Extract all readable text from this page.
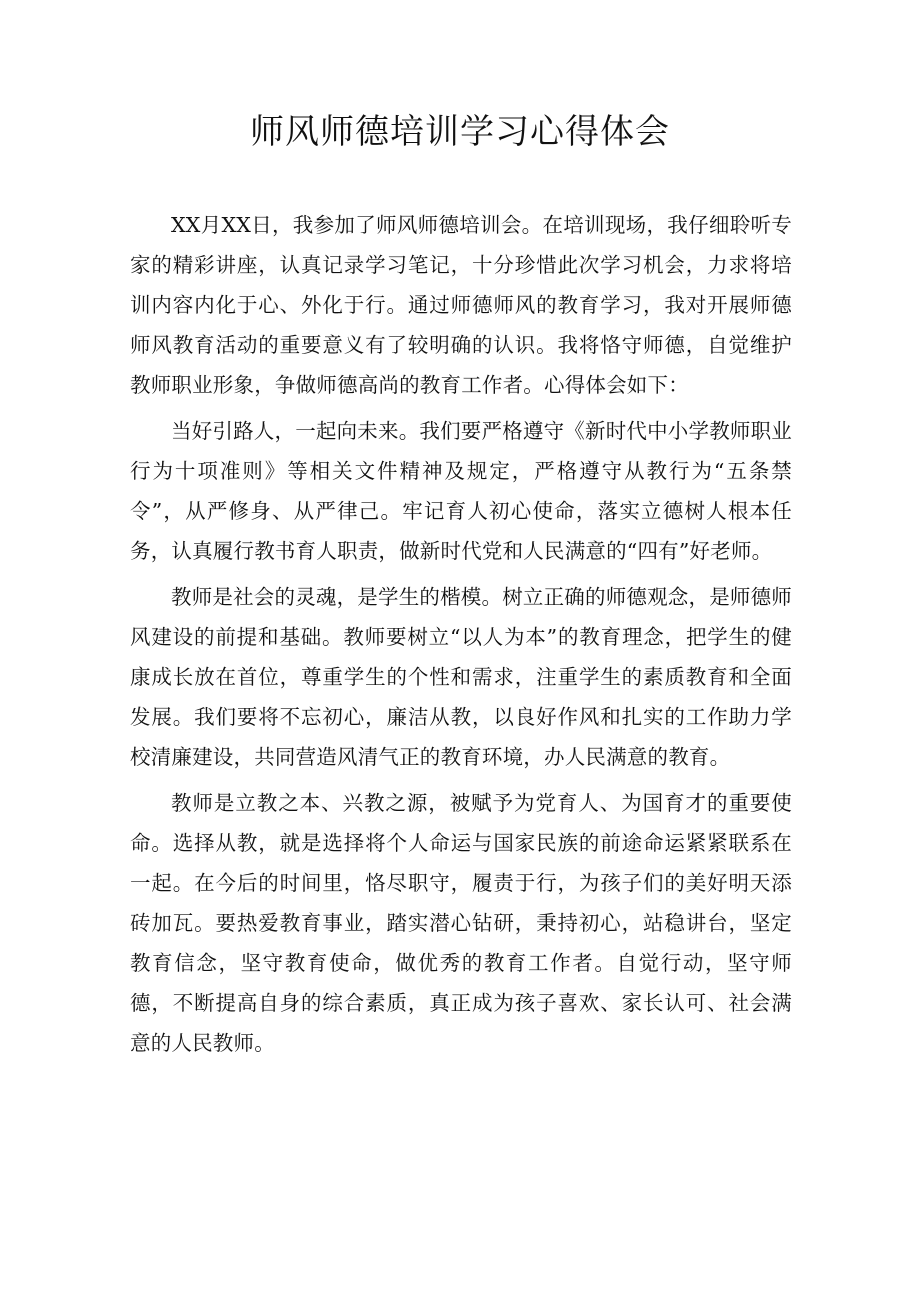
师风师德培训学习心得体会

XX月XX日，我参加了师风师德培训会。在培训现场，我仔细聆听专家的精彩讲座，认真记录学习笔记，十分珍惜此次学习机会，力求将培训内容内化于心、外化于行。通过师德师风的教育学习，我对开展师德师风教育活动的重要意义有了较明确的认识。我将恪守师德，自觉维护教师职业形象，争做师德高尚的教育工作者。心得体会如下：

当好引路人，一起向未来。我们要严格遵守《新时代中小学教师职业行为十项准则》等相关文件精神及规定，严格遵守从教行为“五条禁令”，从严修身、从严律己。牢记育人初心使命，落实立德树人根本任务，认真履行教书育人职责，做新时代党和人民满意的“四有”好老师。

教师是社会的灵魂，是学生的楷模。树立正确的师德观念，是师德师风建设的前提和基础。教师要树立“以人为本”的教育理念，把学生的健康成长放在首位，尊重学生的个性和需求，注重学生的素质教育和全面发展。我们要将不忘初心，廉洁从教，以良好作风和扎实的工作助力学校清廉建设，共同营造风清气正的教育环境，办人民满意的教育。

教师是立教之本、兴教之源，被赋予为党育人、为国育才的重要使命。选择从教，就是选择将个人命运与国家民族的前途命运紧紧联系在一起。在今后的时间里，恪尽职守，履责于行，为孩子们的美好明天添砖加瓦。要热爱教育事业，踏实潜心钻研，秉持初心，站稳讲台，坚定教育信念，坚守教育使命，做优秀的教育工作者。自觉行动，坚守师德，不断提高自身的综合素质，真正成为孩子喜欢、家长认可、社会满意的人民教师。
